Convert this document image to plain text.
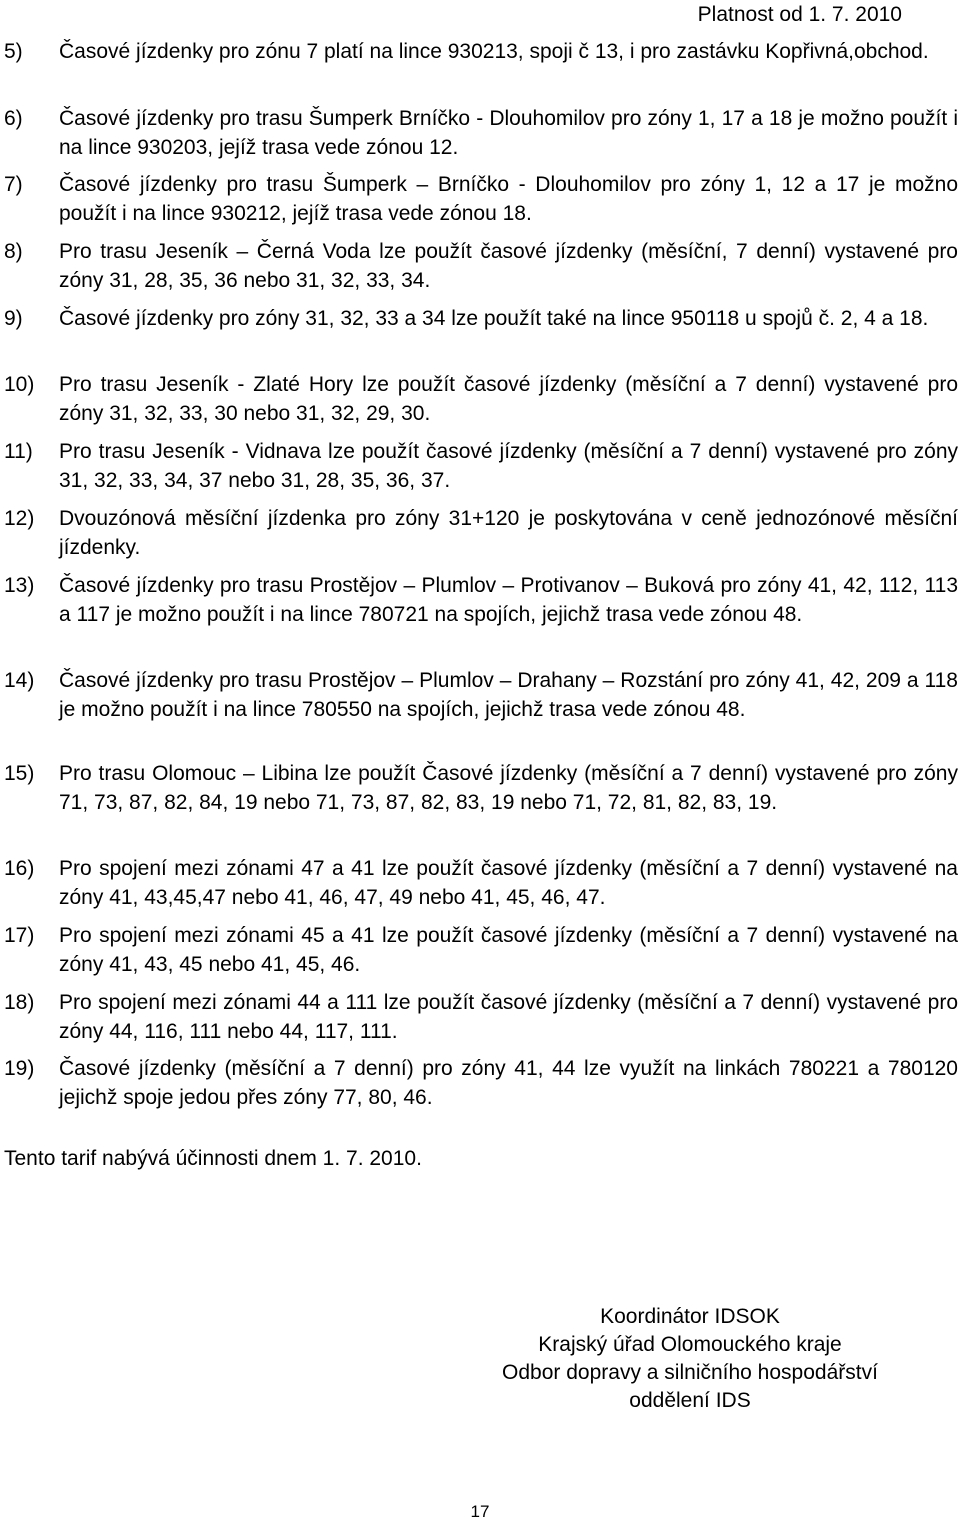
Platnost od 1. 7. 2010
5) Časové jízdenky pro zónu 7 platí na lince 930213, spoji č 13, i pro zastávku Kopřivná,obchod.
6) Časové jízdenky pro trasu Šumperk Brníčko - Dlouhomilov pro zóny 1, 17 a 18 je možno použít i na lince 930203, jejíž trasa vede zónou 12.
7) Časové jízdenky pro trasu Šumperk – Brníčko - Dlouhomilov pro zóny 1, 12 a 17 je možno použít i na lince 930212, jejíž trasa vede zónou 18.
8) Pro trasu Jeseník – Černá Voda lze použít časové jízdenky (měsíční, 7 denní) vystavené pro zóny 31, 28, 35, 36 nebo 31, 32, 33, 34.
9) Časové jízdenky pro zóny 31, 32, 33 a 34 lze použít také na lince 950118 u spojů č. 2, 4 a 18.
10) Pro trasu Jeseník - Zlaté Hory lze použít časové jízdenky (měsíční a 7 denní) vystavené pro zóny 31, 32, 33, 30 nebo 31, 32, 29, 30.
11) Pro trasu Jeseník - Vidnava lze použít časové jízdenky (měsíční a 7 denní) vystavené pro zóny 31, 32, 33, 34, 37 nebo 31, 28, 35, 36, 37.
12) Dvouzónová měsíční jízdenka pro zóny 31+120 je poskytována v ceně jednozónové měsíční jízdenky.
13) Časové jízdenky pro trasu Prostějov – Plumlov – Protivanov – Buková pro zóny 41, 42, 112, 113 a 117 je možno použít i na lince 780721 na spojích, jejichž trasa vede zónou 48.
14) Časové jízdenky pro trasu Prostějov – Plumlov – Drahany – Rozstání pro zóny 41, 42, 209 a 118 je možno použít i na lince 780550 na spojích, jejichž trasa vede zónou 48.
15) Pro trasu Olomouc – Libina lze použít Časové jízdenky (měsíční a 7 denní) vystavené pro zóny 71, 73, 87, 82, 84, 19 nebo 71, 73, 87, 82, 83, 19 nebo 71, 72, 81, 82, 83, 19.
16) Pro spojení mezi zónami 47 a 41 lze použít časové jízdenky (měsíční a 7 denní) vystavené na zóny 41, 43,45,47 nebo 41, 46, 47, 49 nebo 41, 45, 46, 47.
17) Pro spojení mezi zónami 45 a 41 lze použít časové jízdenky (měsíční a 7 denní) vystavené na zóny 41, 43, 45 nebo 41, 45, 46.
18) Pro spojení mezi zónami 44 a 111 lze použít časové jízdenky (měsíční a 7 denní) vystavené pro zóny 44, 116, 111 nebo 44, 117, 111.
19) Časové jízdenky (měsíční a 7 denní) pro zóny 41, 44 lze využít na linkách 780221 a 780120 jejichž spoje jedou přes zóny 77, 80, 46.
Tento tarif nabývá účinnosti dnem 1. 7. 2010.
Koordinátor IDSOK
Krajský úřad Olomouckého kraje
Odbor dopravy a silničního hospodářství
oddělení IDS
17
